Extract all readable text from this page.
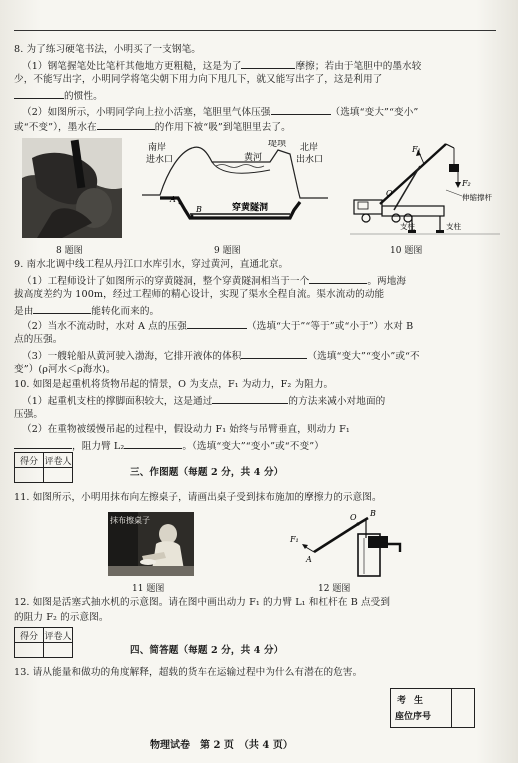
8. 为了练习硬笔书法，小明买了一支钢笔。
（1）钢笔握笔处比笔杆其他地方更粗糙，这是为了	摩擦；若由于笔胆中的墨水较
少，不能写出字，小明同学将笔尖朝下用力向下甩几下，就又能写出字了，这是利用了
的惯性。
（2）如图所示，小明同学向上拉小活塞，笔胆里气体压强	（选填“变大”“变小”
或“不变”），墨水在	的作用下被“吸”到笔胆里去了。
8 题图
南岸
进水口	黄河
堤坝 北岸
出水口
穿黄隧洞
A
B
9 题图
F₁
F₂
O	伸缩撑杆
支柱	支柱
10 题图
9. 南水北调中线工程从丹江口水库引水，穿过黄河，直通北京。
（1）工程师设计了如图所示的穿黄隧洞，整个穿黄隧洞相当于一个	。两地海
拔高度差约为 100m，经过工程师的精心设计，实现了渠水全程自流。渠水流动的动能
是由	能转化而来的。
（2）当水不流动时，水对 A 点的压强	（选填“大于”“等于”或“小于”）水对 B
点的压强。
（3）一艘轮船从黄河驶入渤海，它排开液体的体积	（选填“变大”“变小”或“不
变”）(ρ河水＜ρ海水)。
10. 如图是起重机将货物吊起的情景，O 为支点，F₁ 为动力，F₂ 为阻力。
（1）起重机支柱的撑脚面积较大，这是通过	的方法来减小对地面的
压强。
（2）在重物被缓慢吊起的过程中，假设动力 F₁ 始终与吊臂垂直，则动力 F₁
，阻力臂 L₂	。（选填“变大”“变小”或“不变”）
得分	评卷人

三、作图题（每题 2 分，共 4 分）
11. 如图所示，小明用抹布向左擦桌子，请画出桌子受到抹布施加的摩擦力的示意图。
抹布擦桌子
11 题图
F₁
A
O B
12 题图
12. 如图是活塞式抽水机的示意图。请在图中画出动力 F₁ 的力臂 L₁ 和杠杆在 B 点受到
的阻力 F₂ 的示意图。
得分	评卷人

四、简答题（每题 2 分，共 4 分）
13. 请从能量和做功的角度解释，超载的货车在运输过程中为什么有潜在的危害。
考生
座位序号
物理试卷　第 2 页　（共 4 页）
